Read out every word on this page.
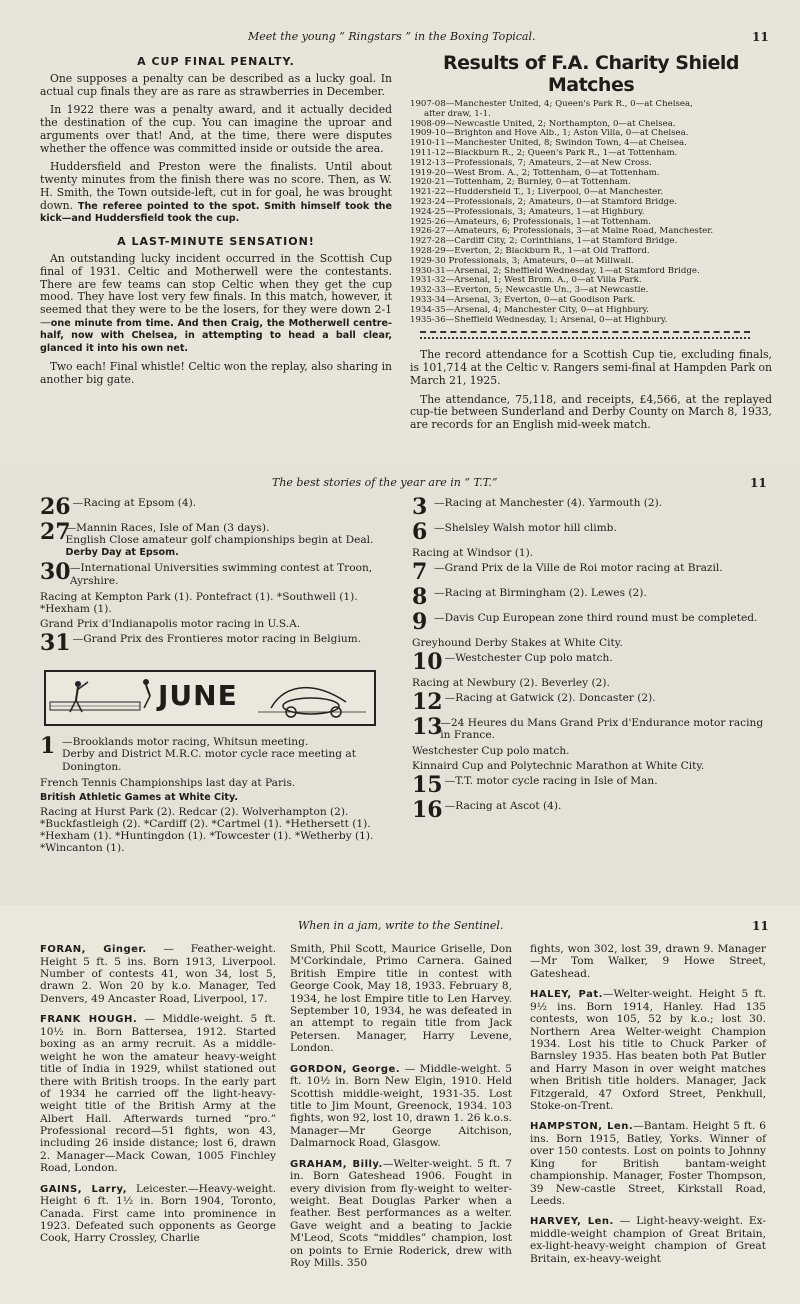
Meet the young “ Ringstars ” in the Boxing Topical.	11
A CUP FINAL PENALTY.

One supposes a penalty can be described as a lucky goal. In actual cup finals they are as rare as strawberries in December.

In 1922 there was a penalty award, and it actually decided the destination of the cup. You can imagine the uproar and arguments over that! And, at the time, there were disputes whether the offence was committed inside or outside the area.

Huddersfield and Preston were the finalists. Until about twenty minutes from the finish there was no score. Then, as W. H. Smith, the Town outside-left, cut in for goal, he was brought down. The referee pointed to the spot. Smith himself took the kick—and Huddersfield took the cup.

A LAST-MINUTE SENSATION!

An outstanding lucky incident occurred in the Scottish Cup final of 1931. Celtic and Motherwell were the contestants. There are few teams can stop Celtic when they get the cup mood. They have lost very few finals. In this match, however, it seemed that they were to be the losers, for they were down 2-1—one minute from time. And then Craig, the Motherwell centre-half, now with Chelsea, in attempting to head a ball clear, glanced it into his own net.

Two each! Final whistle! Celtic won the replay, also sharing in another big gate.

Results of F.A. Charity Shield Matches
1907-08—Manchester United, 4; Queen's Park R., 0—at Chelsea,
after draw, 1-1.
1908-09—Newcastle United, 2; Northampton, 0—at Chelsea.
1909-10—Brighton and Hove Alb., 1; Aston Villa, 0—at Chelsea.
1910-11—Manchester United, 8; Swindon Town, 4—at Chelsea.
1911-12—Blackburn R., 2; Queen's Park R., 1—at Tottenham.
1912-13—Professionals, 7; Amateurs, 2—at New Cross.
1919-20—West Brom. A., 2; Tottenham, 0—at Tottenham.
1920-21—Tottenham, 2; Burnley, 0—at Tottenham.
1921-22—Huddersfield T., 1; Liverpool, 0—at Manchester.
1923-24—Professionals, 2; Amateurs, 0—at Stamford Bridge.
1924-25—Professionals, 3; Amateurs, 1—at Highbury.
1925-26—Amateurs, 6; Professionals, 1—at Tottenham.
1926-27—Amateurs, 6; Professionals, 3—at Maine Road, Manchester.
1927-28—Cardiff City, 2; Corinthians, 1—at Stamford Bridge.
1928-29—Everton, 2; Blackburn R., 1—at Old Trafford.
1929-30 Professionals, 3; Amateurs, 0—at Millwall.
1930-31—Arsenal, 2; Sheffield Wednesday, 1—at Stamford Bridge.
1931-32—Arsenal, 1; West Brom. A., 0—at Villa Park.
1932-33—Everton, 5; Newcastle Un., 3—at Newcastle.
1933-34—Arsenal, 3; Everton, 0—at Goodison Park.
1934-35—Arsenal, 4; Manchester City, 0—at Highbury.
1935-36—Sheffield Wednesday, 1; Arsenal, 0—at Highbury.

The record attendance for a Scottish Cup tie, excluding finals, is 101,714 at the Celtic v. Rangers semi-final at Hampden Park on March 21, 1925.

The attendance, 75,118, and receipts, £4,566, at the replayed cup-tie between Sunderland and Derby County on March 8, 1933, are records for an English mid-week match.

The best stories of the year are in “ T.T.”	11
26 —Racing at Epsom (4).
27
—Mannin Races, Isle of Man (3 days).
English Close amateur golf championships begin at Deal. Derby Day at Epsom.
30 —International Universities swimming contest at Troon, Ayrshire.
Racing at Kempton Park (1). Pontefract (1). *Southwell (1). *Hexham (1).
Grand Prix d'Indianapolis motor racing in U.S.A.
31 —Grand Prix des Frontieres motor racing in Belgium.
JUNE
1 —Brooklands motor racing, Whitsun meeting.
Derby and District M.R.C. motor cycle race meeting at Donington.
French Tennis Championships last day at Paris.
British Athletic Games at White City.
Racing at Hurst Park (2). Redcar (2). Wolverhampton (2). *Buckfastleigh (2). *Cardiff (2). *Cartmel (1). *Hethersett (1). *Hexham (1). *Huntingdon (1). *Towcester (1). *Wetherby (1). *Wincanton (1).
3 —Racing at Manchester (4). Yarmouth (2).
6 —Shelsley Walsh motor hill climb.
Racing at Windsor (1).
7 —Grand Prix de la Ville de Roi motor racing at Brazil.
8 —Racing at Birmingham (2). Lewes (2).
9 —Davis Cup European zone third round must be completed.
Greyhound Derby Stakes at White City.
10 —Westchester Cup polo match.
Racing at Newbury (2). Beverley (2).
12 —Racing at Gatwick (2). Doncaster (2).
13
—24 Heures du Mans Grand Prix d'Endurance motor racing in France.
Westchester Cup polo match.
Kinnaird Cup and Polytechnic Marathon at White City.
15 —T.T. motor cycle racing in Isle of Man.
16 —Racing at Ascot (4).
When in a jam, write to the Sentinel.	11
FORAN, Ginger. — Feather-weight. Height 5 ft. 5 ins. Born 1913, Liverpool. Number of contests 41, won 34, lost 5, drawn 2. Won 20 by k.o. Manager, Ted Denvers, 49 Ancaster Road, Liverpool, 17.
FRANK HOUGH. — Middle-weight. 5 ft. 10½ in. Born Battersea, 1912. Started boxing as an army recruit. As a middle-weight he won the amateur heavy-weight title of India in 1929, whilst stationed out there with British troops. In the early part of 1934 he carried off the light-heavy-weight title of the British Army at the Albert Hall. Afterwards turned “pro.” Professional record—51 fights, won 43, including 26 inside distance; lost 6, drawn 2. Manager—Mack Cowan, 1005 Finchley Road, London.
GAINS, Larry, Leicester.—Heavy-weight. Height 6 ft. 1½ in. Born 1904, Toronto, Canada. First came into prominence in 1923. Defeated such opponents as George Cook, Harry Crossley, Charlie
Smith, Phil Scott, Maurice Griselle, Don M'Corkindale, Primo Carnera. Gained British Empire title in contest with George Cook, May 18, 1933. February 8, 1934, he lost Empire title to Len Harvey. September 10, 1934, he was defeated in an attempt to regain title from Jack Petersen. Manager, Harry Levene, London.
GORDON, George. — Middle-weight. 5 ft. 10½ in. Born New Elgin, 1910. Held Scottish middle-weight, 1931-35. Lost title to Jim Mount, Greenock, 1934. 103 fights, won 92, lost 10, drawn 1. 26 k.o.s. Manager—Mr George Aitchison, Dalmarnock Road, Glasgow.
GRAHAM, Billy.—Welter-weight. 5 ft. 7 in. Born Gateshead 1906. Fought in every division from fly-weight to welter-weight. Beat Douglas Parker when a feather. Best performances as a welter. Gave weight and a beating to Jackie M'Leod, Scots “middles” champion, lost on points to Ernie Roderick, drew with Roy Mills. 350
fights, won 302, lost 39, drawn 9. Manager—Mr Tom Walker, 9 Howe Street, Gateshead.
HALEY, Pat.—Welter-weight. Height 5 ft. 9½ ins. Born 1914, Hanley. Had 135 contests, won 105, 52 by k.o.; lost 30. Northern Area Welter-weight Champion 1934. Lost his title to Chuck Parker of Barnsley 1935. Has beaten both Pat Butler and Harry Mason in over weight matches when British title holders. Manager, Jack Fitzgerald, 47 Oxford Street, Penkhull, Stoke-on-Trent.
HAMPSTON, Len.—Bantam. Height 5 ft. 6 ins. Born 1915, Batley, Yorks. Winner of over 150 contests. Lost on points to Johnny King for British bantam-weight championship. Manager, Foster Thompson, 39 New-castle Street, Kirkstall Road, Leeds.
HARVEY, Len. — Light-heavy-weight. Ex-middle-weight champion of Great Britain, ex-light-heavy-weight champion of Great Britain, ex-heavy-weight
